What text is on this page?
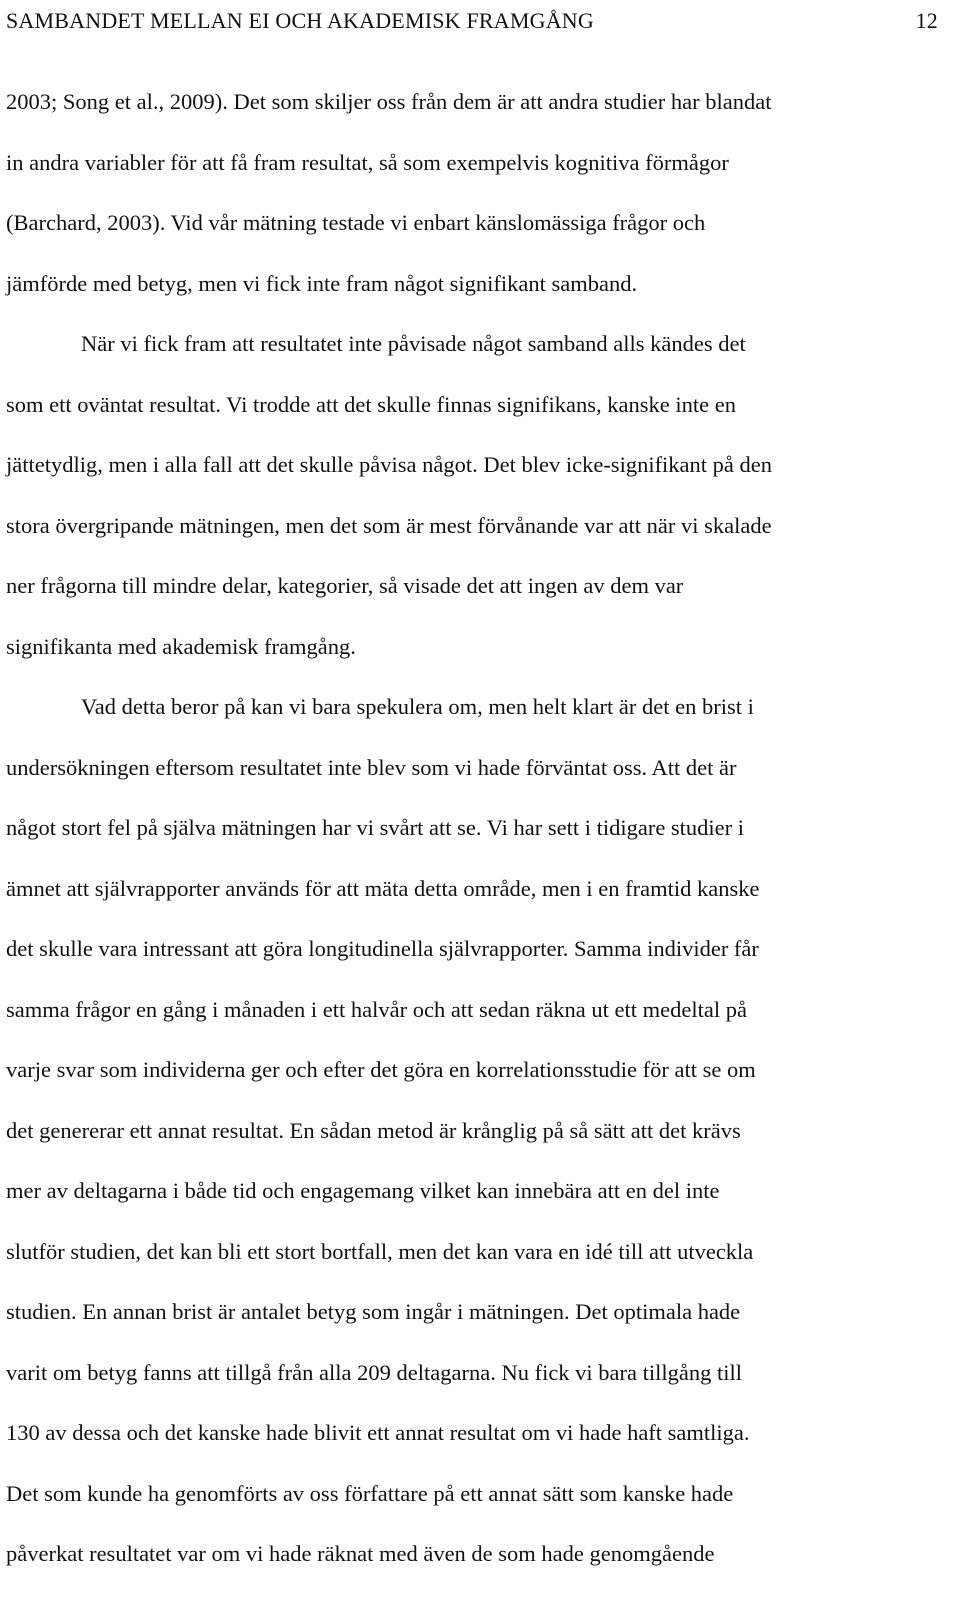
SAMBANDET MELLAN EI OCH AKADEMISK FRAMGÅNG	12
2003; Song et al., 2009). Det som skiljer oss från dem är att andra studier har blandat
in andra variabler för att få fram resultat, så som exempelvis kognitiva förmågor
(Barchard, 2003). Vid vår mätning testade vi enbart känslomässiga frågor och
jämförde med betyg, men vi fick inte fram något signifikant samband.
När vi fick fram att resultatet inte påvisade något samband alls kändes det
som ett oväntat resultat. Vi trodde att det skulle finnas signifikans, kanske inte en
jättetydlig, men i alla fall att det skulle påvisa något. Det blev icke-signifikant på den
stora övergripande mätningen, men det som är mest förvånande var att när vi skalade
ner frågorna till mindre delar, kategorier, så visade det att ingen av dem var
signifikanta med akademisk framgång.
Vad detta beror på kan vi bara spekulera om, men helt klart är det en brist i
undersökningen eftersom resultatet inte blev som vi hade förväntat oss. Att det är
något stort fel på själva mätningen har vi svårt att se. Vi har sett i tidigare studier i
ämnet att självrapporter används för att mäta detta område, men i en framtid kanske
det skulle vara intressant att göra longitudinella självrapporter. Samma individer får
samma frågor en gång i månaden i ett halvår och att sedan räkna ut ett medeltal på
varje svar som individerna ger och efter det göra en korrelationsstudie för att se om
det genererar ett annat resultat. En sådan metod är krånglig på så sätt att det krävs
mer av deltagarna i både tid och engagemang vilket kan innebära att en del inte
slutför studien, det kan bli ett stort bortfall, men det kan vara en idé till att utveckla
studien. En annan brist är antalet betyg som ingår i mätningen. Det optimala hade
varit om betyg fanns att tillgå från alla 209 deltagarna. Nu fick vi bara tillgång till
130 av dessa och det kanske hade blivit ett annat resultat om vi hade haft samtliga.
Det som kunde ha genomförts av oss författare på ett annat sätt som kanske hade
påverkat resultatet var om vi hade räknat med även de som hade genomgående
